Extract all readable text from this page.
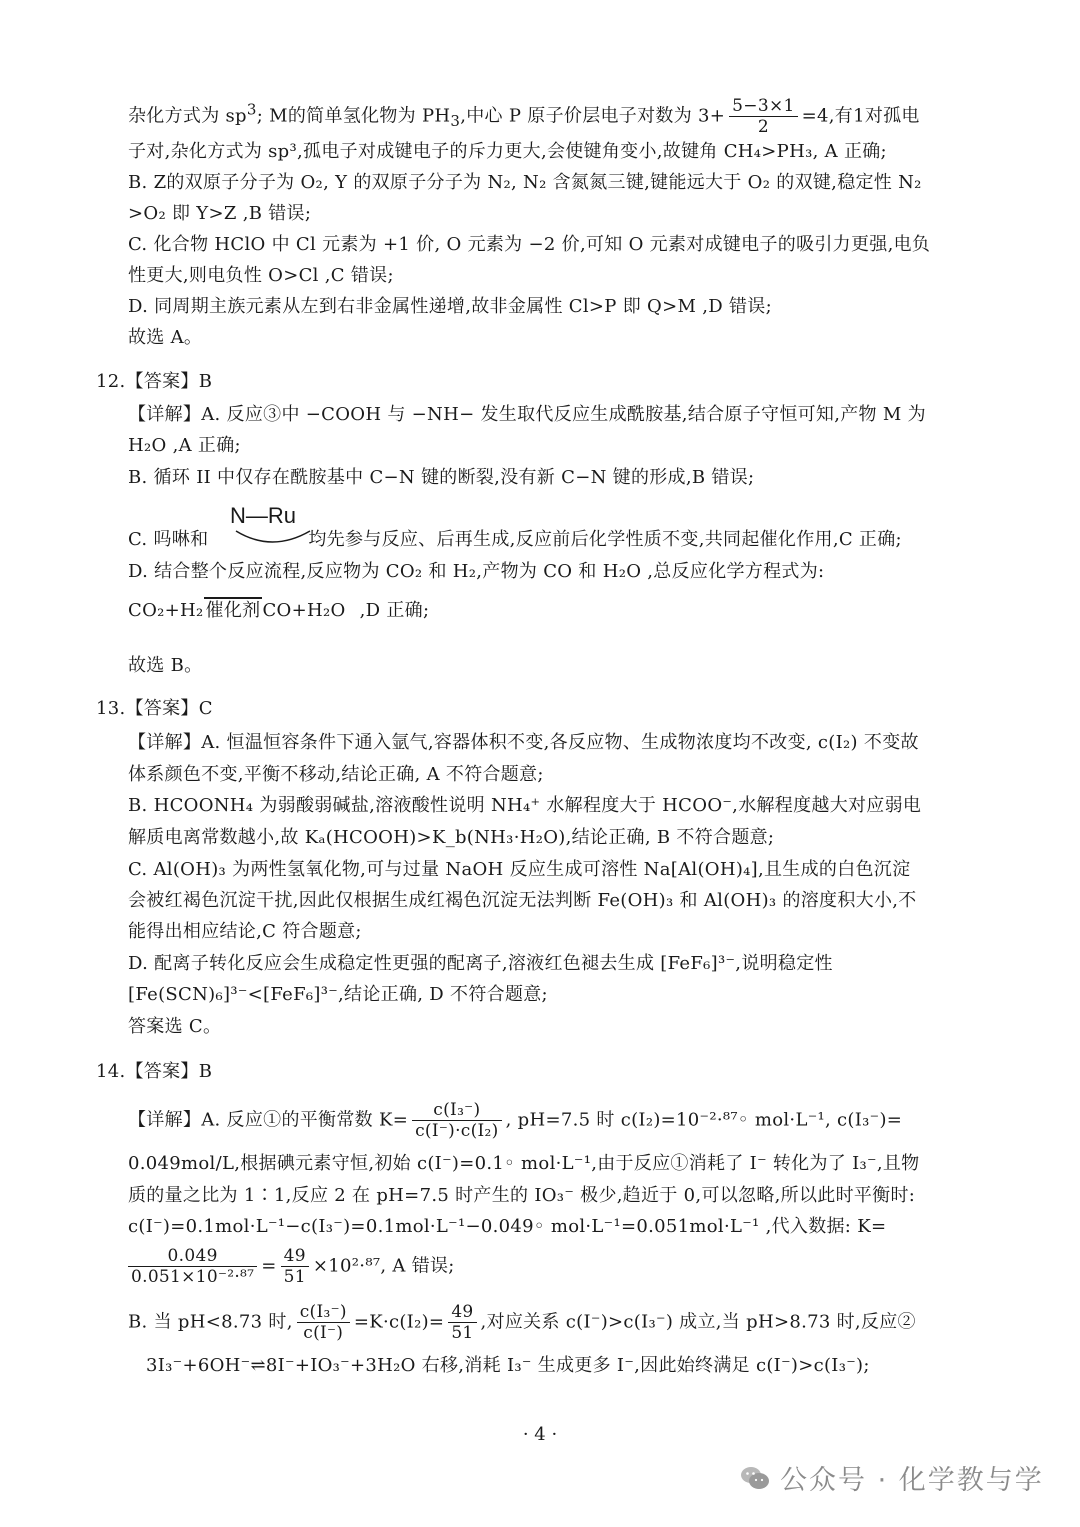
杂化方式为 $sp^3$; M的简单氢化物为 $PH_3$,中心 P 原子价层电子对数为 $3+ \frac{5-3\times 1}{2} =4$,有1对孤电
子对,杂化方式为 sp³,孤电子对成键电子的斥力更大,会使键角变小,故键角 CH₄>PH₃, A 正确;
B. Z的双原子分子为 O₂, Y 的双原子分子为 N₂, N₂ 含氮氮三键,键能远大于 O₂ 的双键,稳定性 N₂
>O₂ 即 Y>Z ,B 错误;
C. 化合物 HClO 中 Cl 元素为 +1 价, O 元素为 −2 价,可知 O 元素对成键电子的吸引力更强,电负
性更大,则电负性 O>Cl ,C 错误;
D. 同周期主族元素从左到右非金属性递增,故非金属性 Cl>P 即 Q>M ,D 错误;
故选 A。
12.【答案】B
【详解】A. 反应③中 −COOH 与 −NH− 发生取代反应生成酰胺基,结合原子守恒可知,产物 M 为
H₂O ,A 正确;
B. 循环 II 中仅存在酰胺基中 C−N 键的断裂,没有新 C−N 键的形成,B 错误;
N—Ru
C. 吗啉和	均先参与反应、后再生成,反应前后化学性质不变,共同起催化作用,C 正确;
D. 结合整个反应流程,反应物为 CO₂ 和 H₂,产物为 CO 和 H₂O ,总反应化学方程式为:
CO₂+H₂ 催化剂 CO+H₂O ,D 正确;
故选 B。
13.【答案】C
【详解】A. 恒温恒容条件下通入氩气,容器体积不变,各反应物、生成物浓度均不改变, c(I₂) 不变故
体系颜色不变,平衡不移动,结论正确, A 不符合题意;
B. HCOONH₄ 为弱酸弱碱盐,溶液酸性说明 NH₄⁺ 水解程度大于 HCOO⁻,水解程度越大对应弱电
解质电离常数越小,故 Kₐ(HCOOH)>K_b(NH₃·H₂O),结论正确, B 不符合题意;
C. Al(OH)₃ 为两性氢氧化物,可与过量 NaOH 反应生成可溶性 Na[Al(OH)₄],且生成的白色沉淀
会被红褐色沉淀干扰,因此仅根据生成红褐色沉淀无法判断 Fe(OH)₃ 和 Al(OH)₃ 的溶度积大小,不
能得出相应结论,C 符合题意;
D. 配离子转化反应会生成稳定性更强的配离子,溶液红色褪去生成 [FeF₆]³⁻,说明稳定性
[Fe(SCN)₆]³⁻<[FeF₆]³⁻,结论正确, D 不符合题意;
答案选 C。
14.【答案】B
【详解】A. 反应①的平衡常数 $K= \frac{\text{c(I₃⁻)}}{\text{c(I⁻)·c(I₂)}}$ , pH=7.5 时 c(I₂)=10⁻²·⁸⁷◦ mol·L⁻¹, c(I₃⁻)=
0.049mol/L,根据碘元素守恒,初始 c(I⁻)=0.1◦ mol·L⁻¹,由于反应①消耗了 I⁻ 转化为了 I₃⁻,且物
质的量之比为 1∶1,反应 2 在 pH=7.5 时产生的 IO₃⁻ 极少,趋近于 0,可以忽略,所以此时平衡时:
c(I⁻)=0.1mol·L⁻¹−c(I₃⁻)=0.1mol·L⁻¹−0.049◦ mol·L⁻¹=0.051mol·L⁻¹ ,代入数据: K=
$\frac{0.049}{\text{0.051×10⁻²·⁸⁷}} = \frac{49}{51} \times 10^2\cdot^{87}$, A 错误;
B. 当 pH<8.73 时, $\frac{\text{c(I₃⁻)}}{c(I^-)} =K\cdot c(I_2)= \frac{49}{51}$ ,对应关系 c(I⁻)>c(I₃⁻) 成立,当 pH>8.73 时,反应②
3I₃⁻+6OH⁻⇌8I⁻+IO₃⁻+3H₂O 右移,消耗 I₃⁻ 生成更多 I⁻,因此始终满足 c(I⁻)>c(I₃⁻);
· 4 ·
公众号 · 化学教与学
